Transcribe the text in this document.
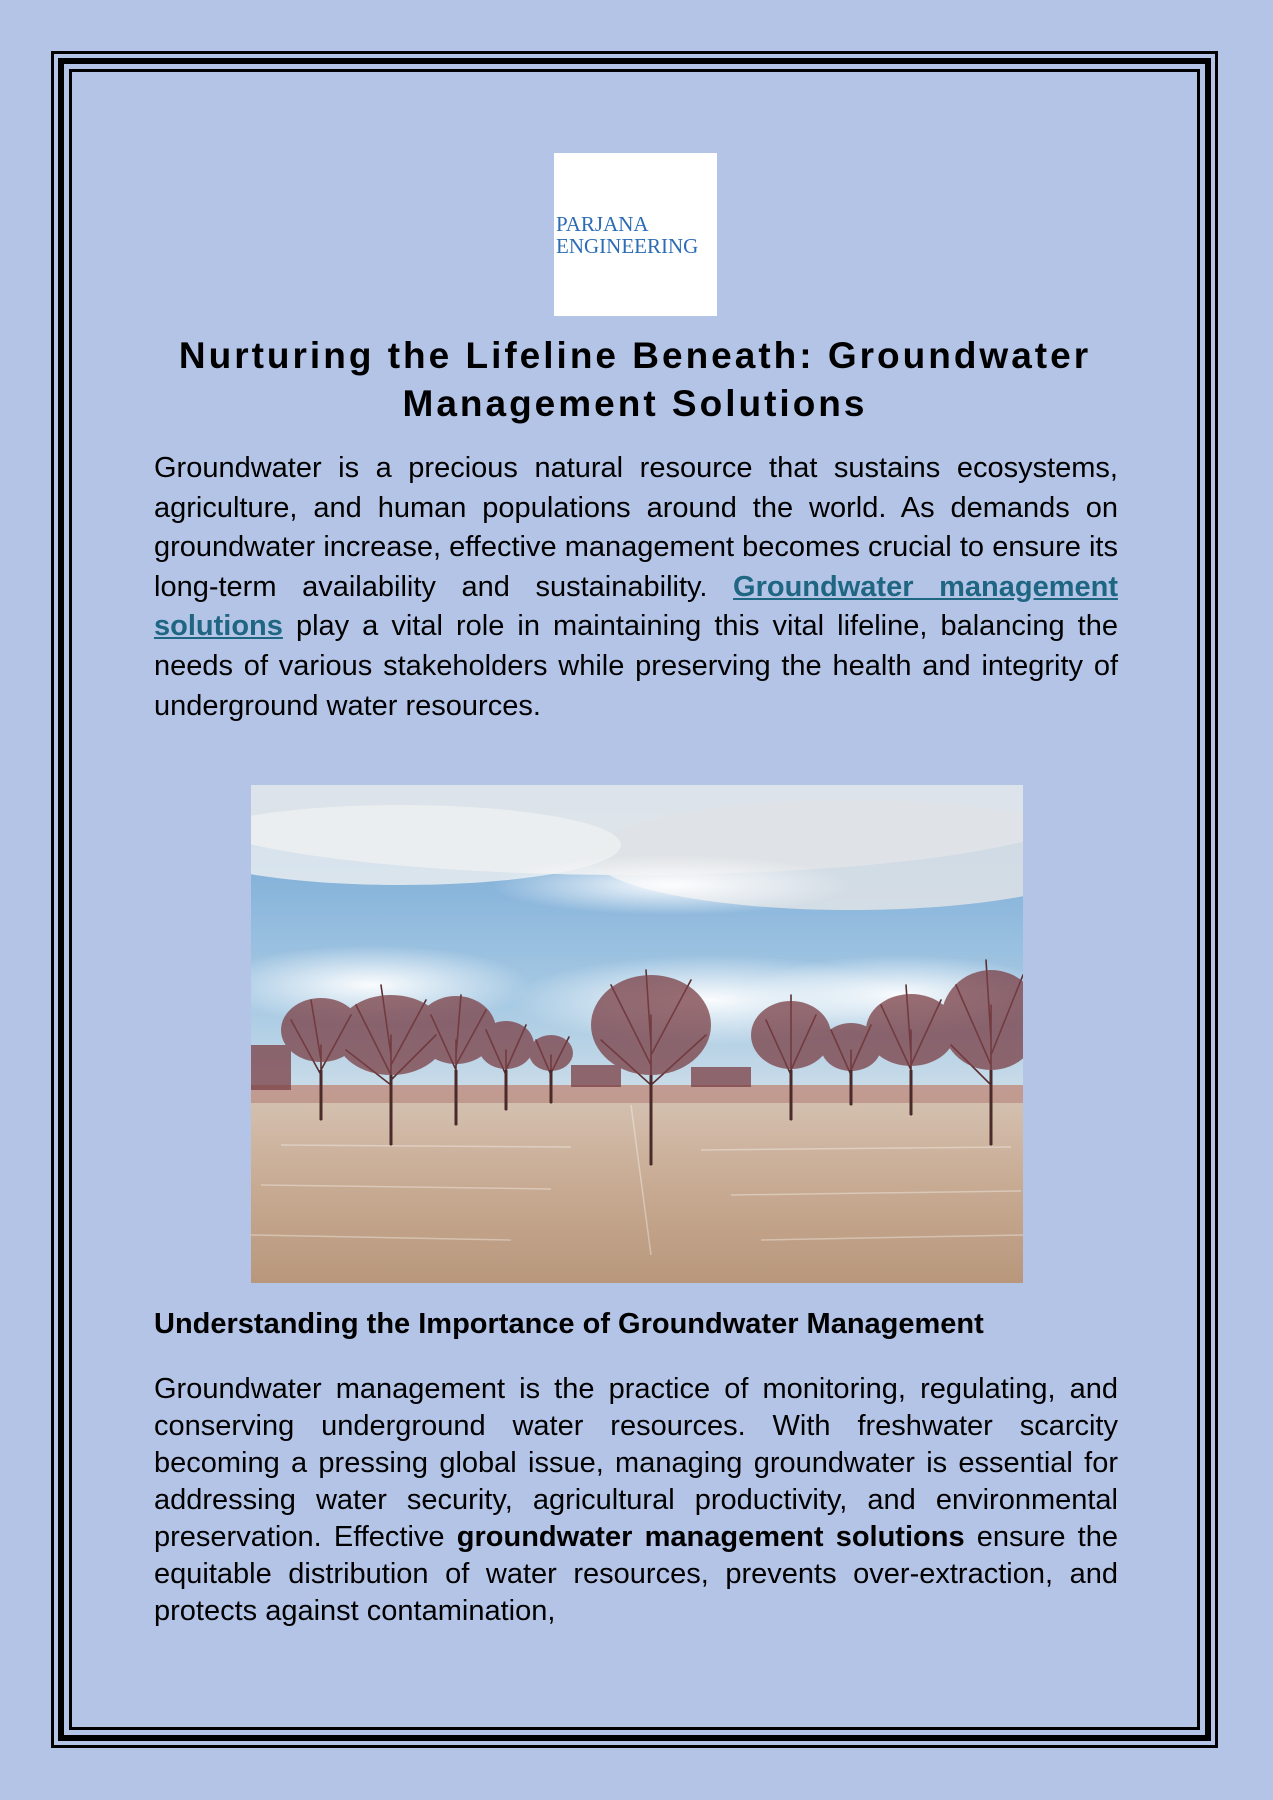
PARJANA
ENGINEERING
Nurturing the Lifeline Beneath: Groundwater Management Solutions

Groundwater is a precious natural resource that sustains ecosystems, agriculture, and human populations around the world. As demands on groundwater increase, effective management becomes crucial to ensure its long-term availability and sustainability. Groundwater management solutions play a vital role in maintaining this vital lifeline, balancing the needs of various stakeholders while preserving the health and integrity of underground water resources.

Understanding the Importance of Groundwater Management

Groundwater management is the practice of monitoring, regulating, and conserving underground water resources. With freshwater scarcity becoming a pressing global issue, managing groundwater is essential for addressing water security, agricultural productivity, and environmental preservation. Effective groundwater management solutions ensure the equitable distribution of water resources, prevents over-extraction, and protects against contamination,
